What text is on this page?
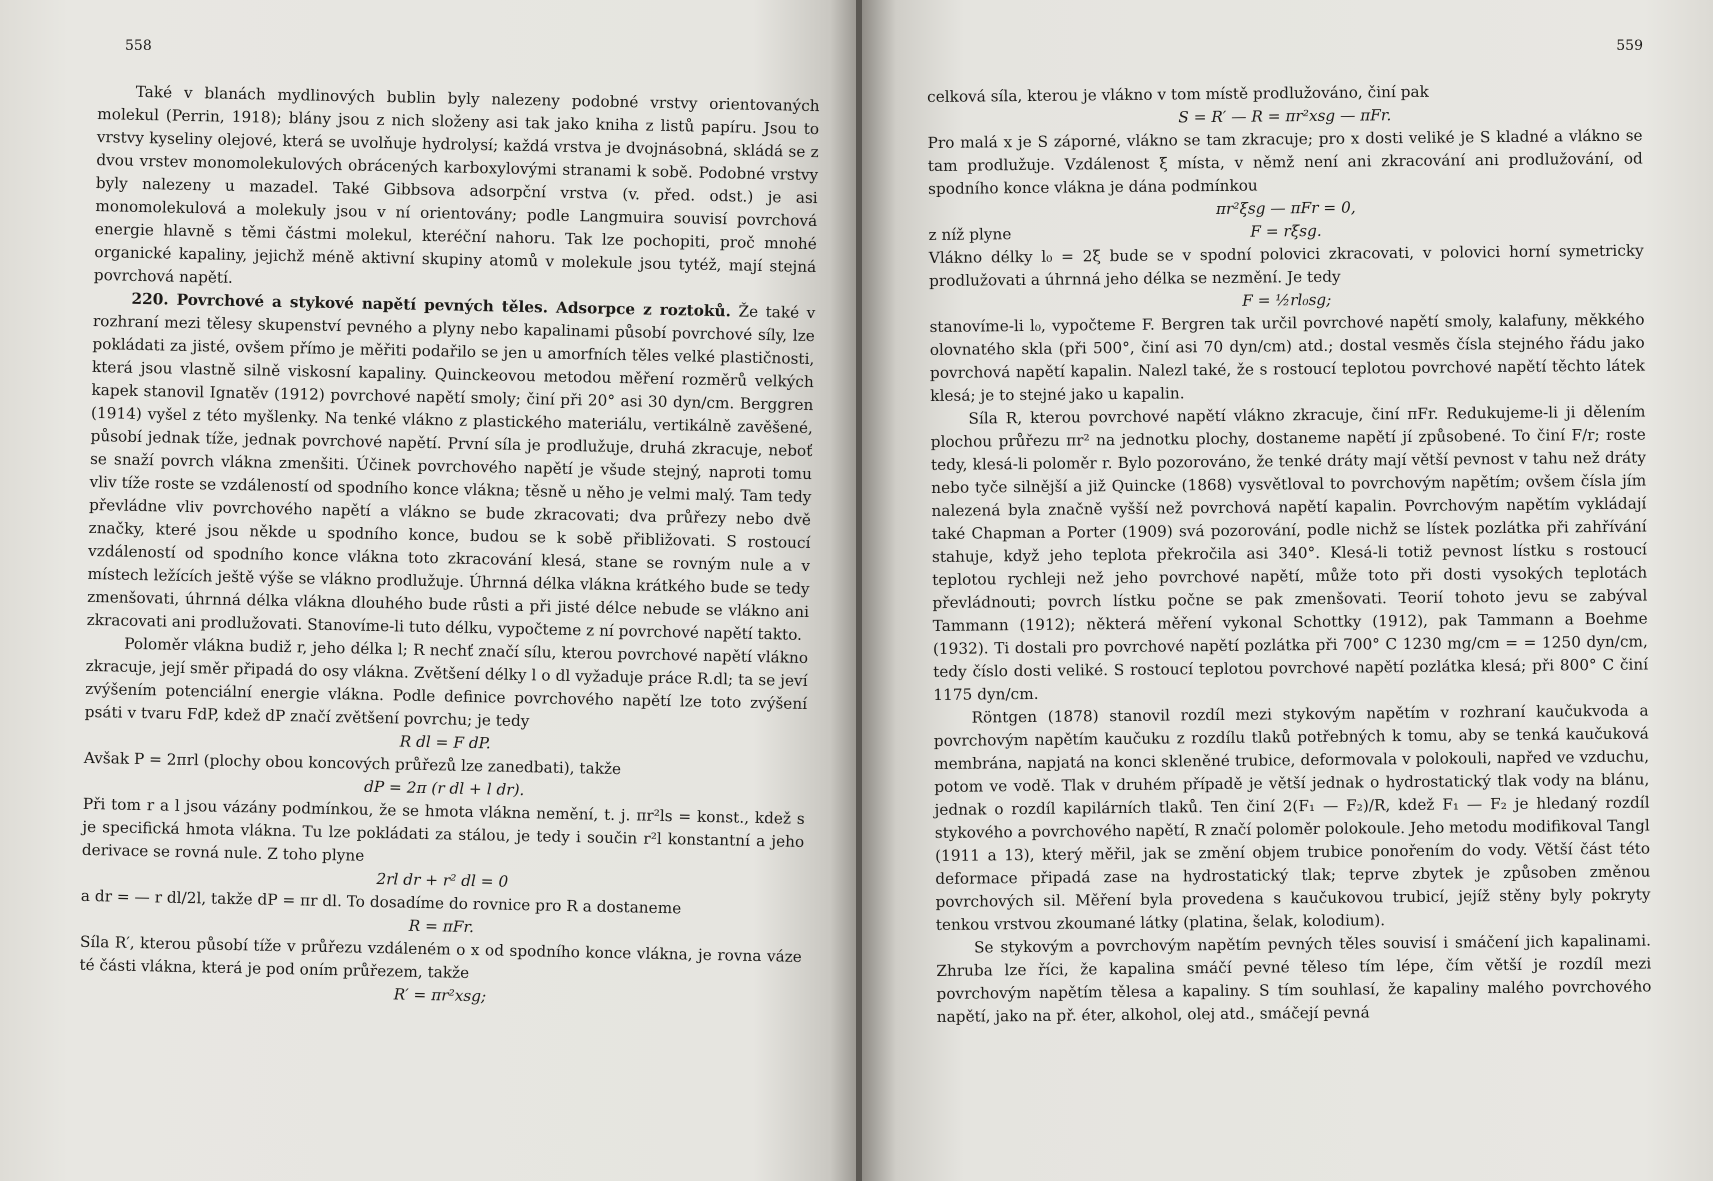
558

Také v blanách mydlinových bublin byly nalezeny podobné vrstvy orientovaných molekul (Perrin, 1918); blány jsou z nich složeny asi tak jako kniha z listů papíru. Jsou to vrstvy kyseliny olejové, která se uvolňuje hydrolysí; každá vrstva je dvojnásobná, skládá se z dvou vrstev monomolekulových obrácených karboxylovými stranami k sobě. Podobné vrstvy byly nalezeny u mazadel. Také Gibbsova adsorpční vrstva (v. před. odst.) je asi monomolekulová a molekuly jsou v ní orientovány; podle Langmuira souvisí povrchová energie hlavně s těmi částmi molekul, kteréční nahoru. Tak lze pochopiti, proč mnohé organické kapaliny, jejichž méně aktivní skupiny atomů v molekule jsou tytéž, mají stejná povrchová napětí.

220. Povrchové a stykové napětí pevných těles. Adsorpce z roztoků. Že také v rozhraní mezi tělesy skupenství pevného a plyny nebo kapalinami působí povrchové síly, lze pokládati za jisté, ovšem přímo je měřiti podařilo se jen u amorfních těles velké plastičnosti, která jsou vlastně silně viskosní kapaliny. Quinckeovou metodou měření rozměrů velkých kapek stanovil Ignatěv (1912) povrchové napětí smoly; činí při 20° asi 30 dyn/cm. Berggren (1914) vyšel z této myšlenky. Na tenké vlákno z plastického materiálu, vertikálně zavěšené, působí jednak tíže, jednak povrchové napětí. První síla je prodlužuje, druhá zkracuje, neboť se snaží povrch vlákna zmenšiti. Účinek povrchového napětí je všude stejný, naproti tomu vliv tíže roste se vzdáleností od spodního konce vlákna; těsně u něho je velmi malý. Tam tedy převládne vliv povrchového napětí a vlákno se bude zkracovati; dva průřezy nebo dvě značky, které jsou někde u spodního konce, budou se k sobě přibližovati. S rostoucí vzdáleností od spodního konce vlákna toto zkracování klesá, stane se rovným nule a v místech ležících ještě výše se vlákno prodlužuje. Úhrnná délka vlákna krátkého bude se tedy zmenšovati, úhrnná délka vlákna dlouhého bude růsti a při jisté délce nebude se vlákno ani zkracovati ani prodlužovati. Stanovíme-li tuto délku, vypočteme z ní povrchové napětí takto.

Poloměr vlákna budiž r, jeho délka l; R nechť značí sílu, kterou povrchové napětí vlákno zkracuje, její směr připadá do osy vlákna. Zvětšení délky l o dl vyžaduje práce R.dl; ta se jeví zvýšením potenciální energie vlákna. Podle definice povrchového napětí lze toto zvýšení psáti v tvaru FdP, kdež dP značí zvětšení povrchu; je tedy

R dl = F dP.

Avšak P = 2πrl (plochy obou koncových průřezů lze zanedbati), takže

dP = 2π (r dl + l dr).

Při tom r a l jsou vázány podmínkou, že se hmota vlákna nemění, t. j. πr²ls = konst., kdež s je specifická hmota vlákna. Tu lze pokládati za stálou, je tedy i součin r²l konstantní a jeho derivace se rovná nule. Z toho plyne

2rl dr + r² dl = 0

a dr = — r dl/2l, takže dP = πr dl. To dosadíme do rovnice pro R a dostaneme

R = πFr.

Síla R′, kterou působí tíže v průřezu vzdáleném o x od spodního konce vlákna, je rovna váze té části vlákna, která je pod oním průřezem, takže

R′ = πr²xsg;

559

celková síla, kterou je vlákno v tom místě prodlužováno, činí pak

S = R′ — R = πr²xsg — πFr.

Pro malá x je S záporné, vlákno se tam zkracuje; pro x dosti veliké je S kladné a vlákno se tam prodlužuje. Vzdálenost ξ místa, v němž není ani zkracování ani prodlužování, od spodního konce vlákna je dána podmínkou

πr²ξsg — πFr = 0,

z níž plyne	F = rξsg.

Vlákno délky l₀ = 2ξ bude se v spodní polovici zkracovati, v polovici horní symetricky prodlužovati a úhrnná jeho délka se nezmění. Je tedy

F = ½rl₀sg;

stanovíme-li l₀, vypočteme F. Bergren tak určil povrchové napětí smoly, kalafuny, měkkého olovnatého skla (při 500°, činí asi 70 dyn/cm) atd.; dostal vesměs čísla stejného řádu jako povrchová napětí kapalin. Nalezl také, že s rostoucí teplotou povrchové napětí těchto látek klesá; je to stejné jako u kapalin.

Síla R, kterou povrchové napětí vlákno zkracuje, činí πFr. Redukujeme-li ji dělením plochou průřezu πr² na jednotku plochy, dostaneme napětí jí způsobené. To činí F/r; roste tedy, klesá-li poloměr r. Bylo pozorováno, že tenké dráty mají větší pevnost v tahu než dráty nebo tyče silnější a již Quincke (1868) vysvětloval to povrchovým napětím; ovšem čísla jím nalezená byla značně vyšší než povrchová napětí kapalin. Povrchovým napětím vykládají také Chapman a Porter (1909) svá pozorování, podle nichž se lístek pozlátka při zahřívání stahuje, když jeho teplota překročila asi 340°. Klesá-li totiž pevnost lístku s rostoucí teplotou rychleji než jeho povrchové napětí, může toto při dosti vysokých teplotách převládnouti; povrch lístku počne se pak zmenšovati. Teorií tohoto jevu se zabýval Tammann (1912); některá měření vykonal Schottky (1912), pak Tammann a Boehme (1932). Ti dostali pro povrchové napětí pozlátka při 700° C 1230 mg/cm = = 1250 dyn/cm, tedy číslo dosti veliké. S rostoucí teplotou povrchové napětí pozlátka klesá; při 800° C činí 1175 dyn/cm.

Röntgen (1878) stanovil rozdíl mezi stykovým napětím v rozhraní kaučukvoda a povrchovým napětím kaučuku z rozdílu tlaků potřebných k tomu, aby se tenká kaučuková membrána, napjatá na konci skleněné trubice, deformovala v polokouli, napřed ve vzduchu, potom ve vodě. Tlak v druhém případě je větší jednak o hydrostatický tlak vody na blánu, jednak o rozdíl kapilárních tlaků. Ten činí 2(F₁ — F₂)/R, kdež F₁ — F₂ je hledaný rozdíl stykového a povrchového napětí, R značí poloměr polokoule. Jeho metodu modifikoval Tangl (1911 a 13), který měřil, jak se změní objem trubice ponořením do vody. Větší část této deformace připadá zase na hydrostatický tlak; teprve zbytek je způsoben změnou povrchových sil. Měření byla provedena s kaučukovou trubicí, jejíž stěny byly pokryty tenkou vrstvou zkoumané látky (platina, šelak, kolodium).

Se stykovým a povrchovým napětím pevných těles souvisí i smáčení jich kapalinami. Zhruba lze říci, že kapalina smáčí pevné těleso tím lépe, čím větší je rozdíl mezi povrchovým napětím tělesa a kapaliny. S tím souhlasí, že kapaliny malého povrchového napětí, jako na př. éter, alkohol, olej atd., smáčejí pevná
